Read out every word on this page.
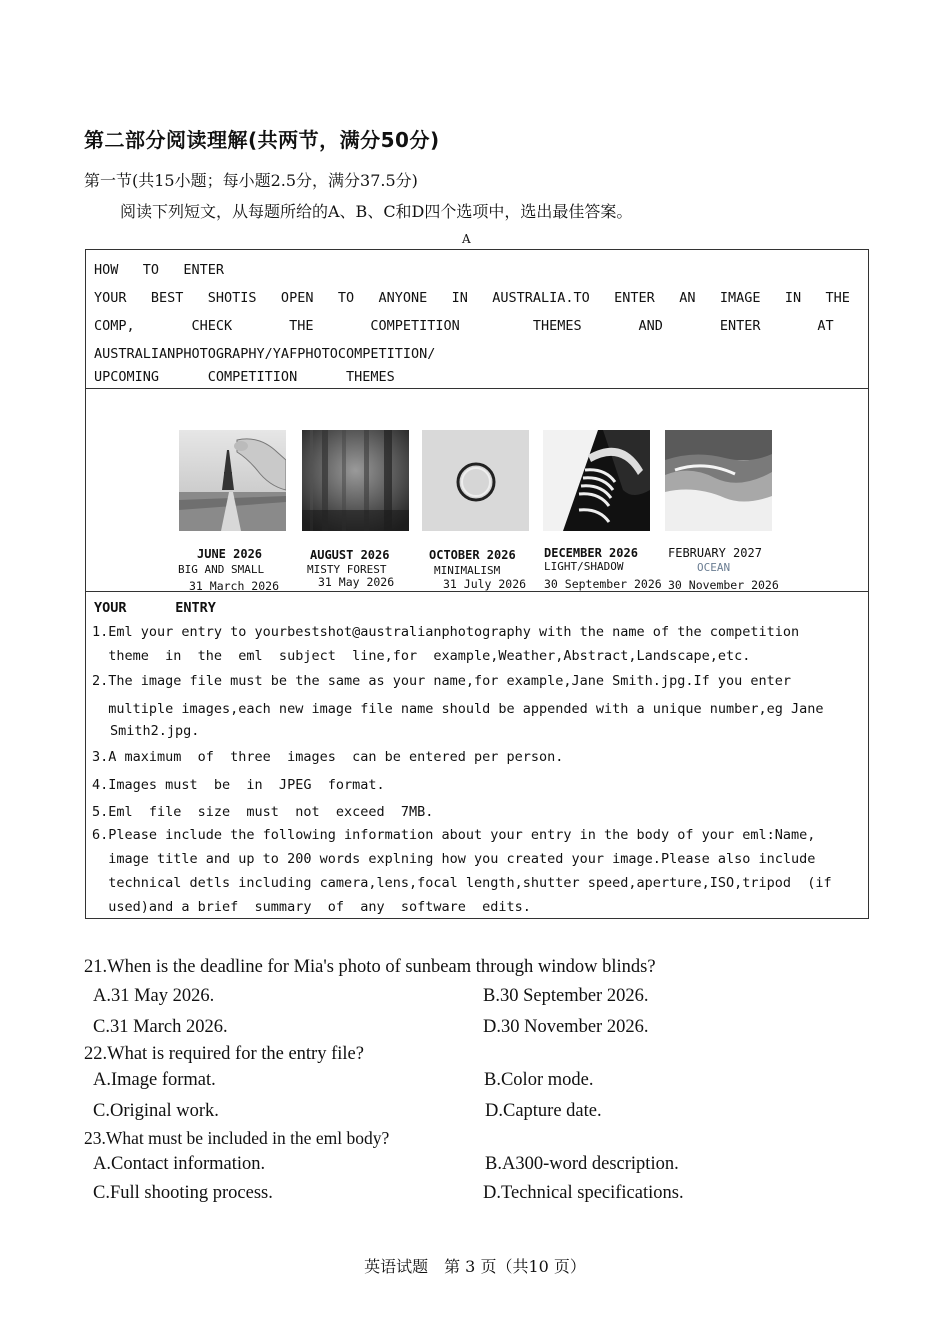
第二部分阅读理解(共两节，满分50分)
第一节(共15小题；每小题2.5分，满分37.5分)
阅读下列短文，从每题所给的A、B、C和D四个选项中，选出最佳答案。
A
HOW   TO   ENTER
YOUR   BEST   SHOTIS   OPEN   TO   ANYONE   IN   AUSTRALIA.TO   ENTER   AN   IMAGE   IN   THE
COMP,       CHECK       THE       COMPETITION         THEMES       AND       ENTER       AT
AUSTRALIANPHOTOGRAPHY/YAFPHOTOCOMPETITION/
UPCOMING      COMPETITION      THEMES
JUNE 2026
BIG AND SMALL
31 March 2026
AUGUST 2026
MISTY FOREST
31 May 2026
OCTOBER 2026
MINIMALISM
31 July 2026
DECEMBER 2026
LIGHT/SHADOW
30 September 2026
FEBRUARY 2027
OCEAN
30 November 2026
YOUR      ENTRY
1.Eml your entry to yourbestshot@australianphotography with the name of the competition
theme  in  the  eml  subject  line,for  example,Weather,Abstract,Landscape,etc.
2.The image file must be the same as your name,for example,Jane Smith.jpg.If you enter
multiple images,each new image file name should be appended with a unique number,eg Jane
Smith2.jpg.
3.A maximum  of  three  images  can be entered per person.
4.Images must  be  in  JPEG  format.
5.Eml  file  size  must  not  exceed  7MB.
6.Please include the following information about your entry in the body of your eml:Name,
image title and up to 200 words explning how you created your image.Please also include
technical detls including camera,lens,focal length,shutter speed,aperture,ISO,tripod  (if
used)and a brief  summary  of  any  software  edits.
21.When is the deadline for Mia's photo of sunbeam through window blinds?
A.31 May 2026.	B.30 September 2026.
C.31 March 2026.	D.30 November 2026.
22.What is required for the entry file?
A.Image format.	B.Color mode.
C.Original work.	D.Capture date.
23.What must be included in the eml body?
A.Contact information.	B.A300-word description.
C.Full shooting process.	D.Technical specifications.
英语试题　第 3 页（共10 页）
